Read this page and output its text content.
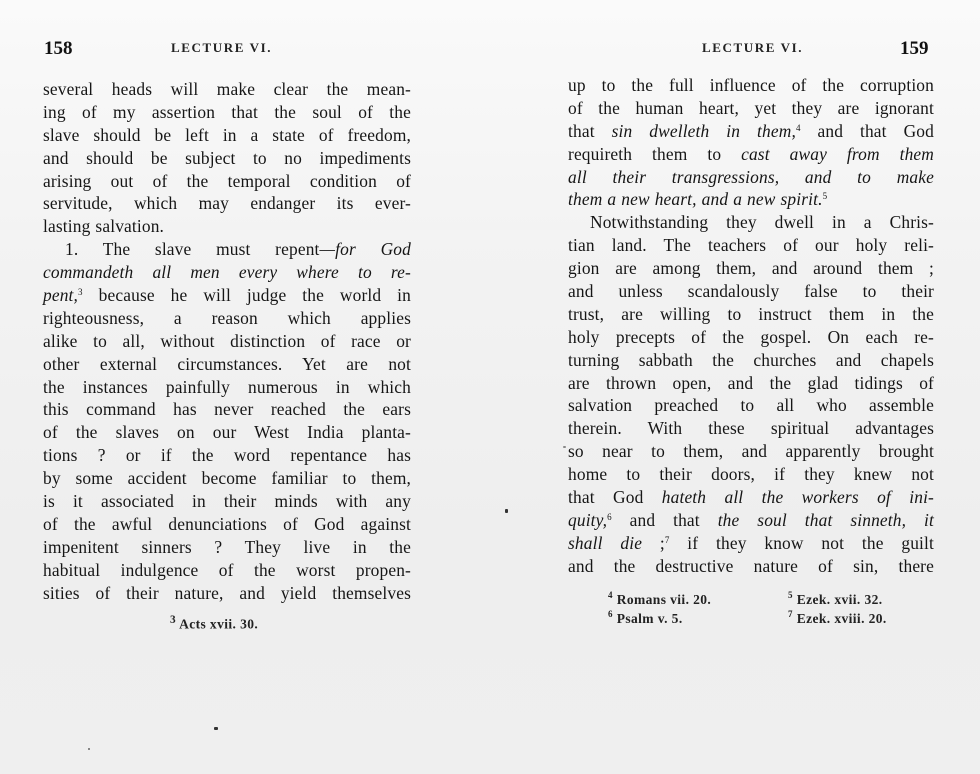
158	LECTURE VI.
several heads will make clear the mean-
ing of my assertion that the soul of the
slave should be left in a state of freedom,
and should be subject to no impediments
arising out of the temporal condition of
servitude, which may endanger its ever-
lasting salvation.
1. The slave must repent—for God
commandeth all men every where to re-
pent,$^3$ because he will judge the world in
righteousness, a reason which applies
alike to all, without distinction of race or
other external circumstances. Yet are not
the instances painfully numerous in which
this command has never reached the ears
of the slaves on our West India planta-
tions ? or if the word repentance has
by some accident become familiar to them,
is it associated in their minds with any
of the awful denunciations of God against
impenitent sinners ? They live in the
habitual indulgence of the worst propen-
sities of their nature, and yield themselves
$^3$ Acts xvii. 30.
LECTURE VI.	159
up to the full influence of the corruption
of the human heart, yet they are ignorant
that sin dwelleth in them,$^4$ and that God
requireth them to cast away from them
all their transgressions, and to make
them a new heart, and a new spirit.$^5$
Notwithstanding they dwell in a Chris-
tian land. The teachers of our holy reli-
gion are among them, and around them ;
and unless scandalously false to their
trust, are willing to instruct them in the
holy precepts of the gospel. On each re-
turning sabbath the churches and chapels
are thrown open, and the glad tidings of
salvation preached to all who assemble
therein. With these spiritual advantages
so near to them, and apparently brought
home to their doors, if they knew not
that God hateth all the workers of ini-
quity,$^6$ and that the soul that sinneth, it
shall die ;$^7$ if they know not the guilt
and the destructive nature of sin, there
$^4$ Romans vii. 20.	$^5$ Ezek. xvii. 32.
$^6$ Psalm v. 5.	$^7$ Ezek. xviii. 20.
